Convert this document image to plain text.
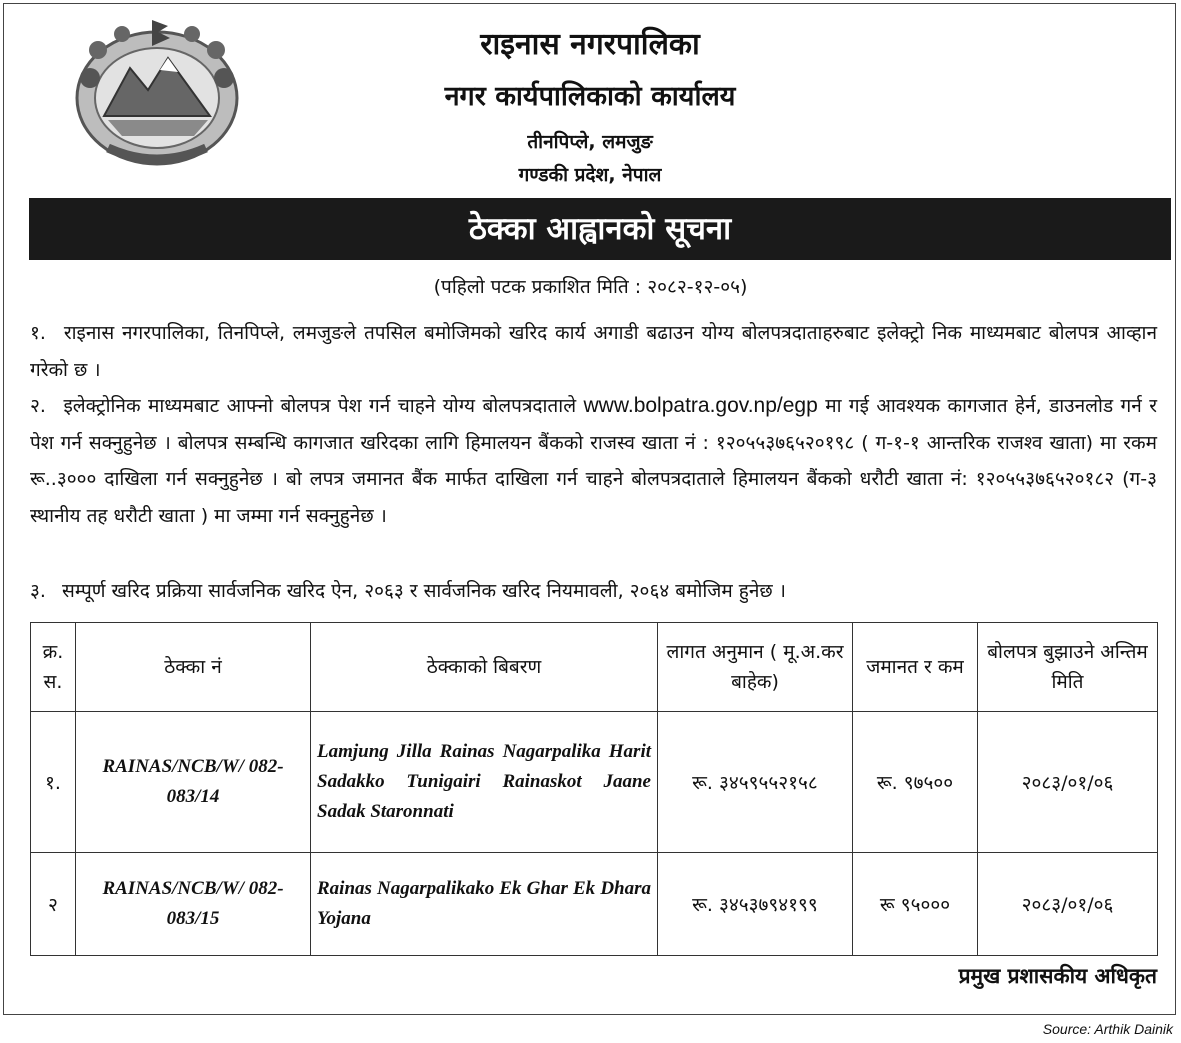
राइनास नगरपालिका
नगर कार्यपालिकाको कार्यालय
तीनपिप्ले, लमजुङ
गण्डकी प्रदेश, नेपाल
ठेक्का आह्वानको सूचना
(पहिलो पटक प्रकाशित मिति : २०८२-१२-०५)
१. राइनास नगरपालिका, तिनपिप्ले, लमजुङले तपसिल बमोजिमको खरिद कार्य अगाडी बढाउन योग्य बोलपत्रदाताहरुबाट इलेक्ट्रो निक माध्यमबाट बोलपत्र आव्हान गरेको छ ।
२. इलेक्ट्रोनिक माध्यमबाट आफ्नो बोलपत्र पेश गर्न चाहने योग्य बोलपत्रदाताले www.bolpatra.gov.np/egp मा गई आवश्यक कागजात हेर्न, डाउनलोड गर्न र पेश गर्न सक्नुहुनेछ । बोलपत्र सम्बन्धि कागजात खरिदका लागि हिमालयन बैंकको राजस्व खाता नं : १२०५५३७६५२०१९८ ( ग-१-१ आन्तरिक राजश्व खाता) मा रकम रू..३००० दाखिला गर्न सक्नुहुनेछ । बो लपत्र जमानत बैंक मार्फत दाखिला गर्न चाहने बोलपत्रदाताले हिमालयन बैंकको धरौटी खाता नं: १२०५५३७६५२०१८२ (ग-३ स्थानीय तह धरौटी खाता ) मा जम्मा गर्न सक्नुहुनेछ ।
३. सम्पूर्ण खरिद प्रक्रिया सार्वजनिक खरिद ऐन, २०६३ र सार्वजनिक खरिद नियमावली, २०६४ बमोजिम हुनेछ ।
क्र. स.	ठेक्का नं	ठेक्काको बिबरण	लागत अनुमान ( मू.अ.कर बाहेक)	जमानत र कम	बोलपत्र बुझाउने अन्तिम मिति
१.	RAINAS/NCB/W/ 082-083/14	Lamjung Jilla Rainas Nagarpalika Harit Sadakko Tunigairi Rainaskot Jaane Sadak Staronnati	रू. ३४५९५५२१५८	रू. ९७५००	२०८३/०१/०६
२	RAINAS/NCB/W/ 082-083/15	Rainas Nagarpalikako Ek Ghar Ek Dhara Yojana	रू. ३४५३७९४१९९	रू ९५०००	२०८३/०१/०६
प्रमुख प्रशासकीय अधिकृत
Source: Arthik Dainik
